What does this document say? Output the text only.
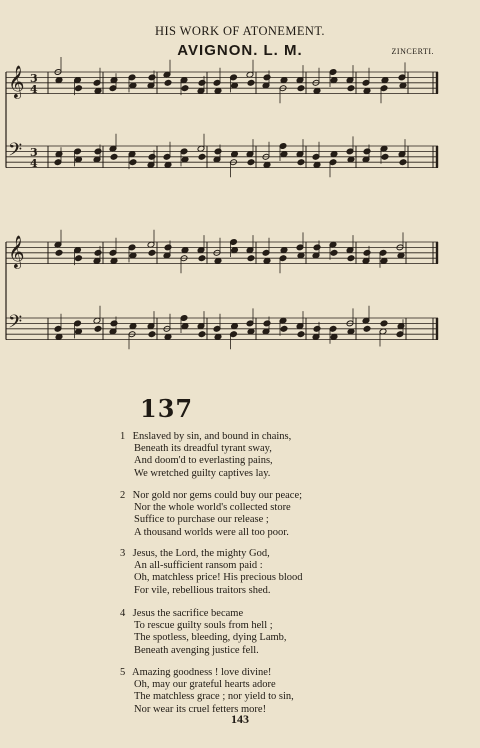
HIS WORK OF ATONEMENT.
AVIGNON. L. M.	ZINCERTI.
𝄞 3
4
𝄢 3
4
𝄞
𝄢
137
1 Enslaved by sin, and bound in chains,
Beneath its dreadful tyrant sway,
And doom'd to everlasting pains,
We wretched guilty captives lay.
2 Nor gold nor gems could buy our peace;
Nor the whole world's collected store
Suffice to purchase our release ;
A thousand worlds were all too poor.
3 Jesus, the Lord, the mighty God,
An all-sufficient ransom paid :
Oh, matchless price! His precious blood
For vile, rebellious traitors shed.
4 Jesus the sacrifice became
To rescue guilty souls from hell ;
The spotless, bleeding, dying Lamb,
Beneath avenging justice fell.
5 Amazing goodness ! love divine!
Oh, may our grateful hearts adore
The matchless grace ; nor yield to sin,
Nor wear its cruel fetters more!
143
